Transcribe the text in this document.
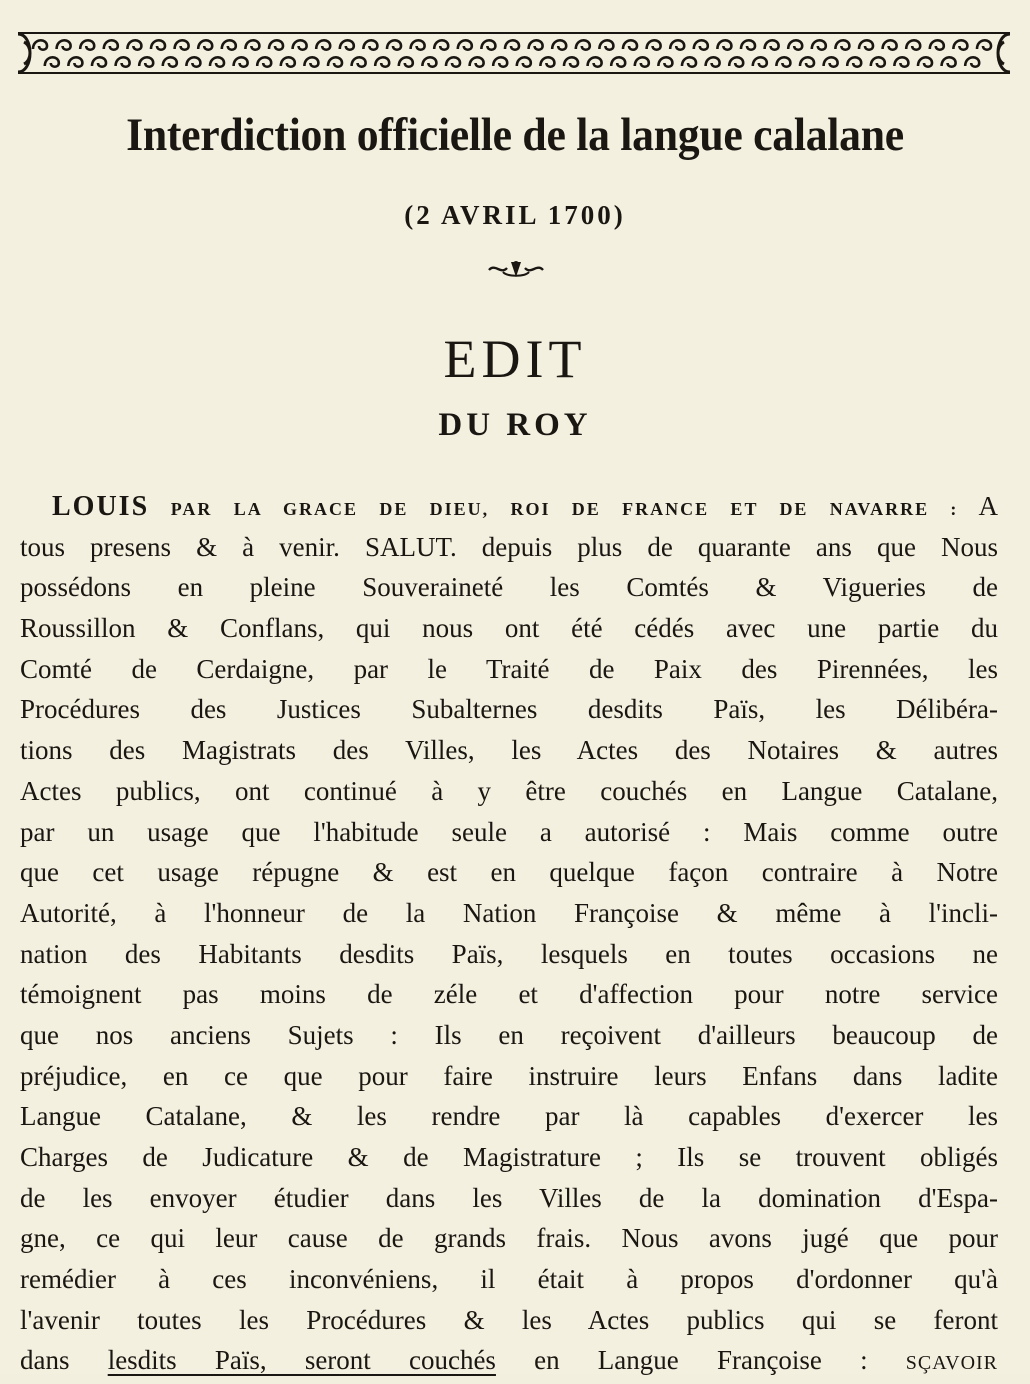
Interdiction officielle de la langue calalane
(2 AVRIL 1700)
EDIT
DU ROY
LOUIS PAR LA GRACE DE DIEU, ROI DE FRANCE ET DE NAVARRE : A
tous presens & à venir. SALUT. depuis plus de quarante ans que Nous
possédons en pleine Souveraineté les Comtés & Vigueries de
Roussillon & Conflans, qui nous ont été cédés avec une partie du
Comté de Cerdaigne, par le Traité de Paix des Pirennées, les
Procédures des Justices Subalternes desdits Païs, les Délibéra-
tions des Magistrats des Villes, les Actes des Notaires & autres
Actes publics, ont continué à y être couchés en Langue Catalane,
par un usage que l'habitude seule a autorisé : Mais comme outre
que cet usage répugne & est en quelque façon contraire à Notre
Autorité, à l'honneur de la Nation Françoise & même à l'incli-
nation des Habitants desdits Païs, lesquels en toutes occasions ne
témoignent pas moins de zéle et d'affection pour notre service
que nos anciens Sujets : Ils en reçoivent d'ailleurs beaucoup de
préjudice, en ce que pour faire instruire leurs Enfans dans ladite
Langue Catalane, & les rendre par là capables d'exercer les
Charges de Judicature & de Magistrature ; Ils se trouvent obligés
de les envoyer étudier dans les Villes de la domination d'Espa-
gne, ce qui leur cause de grands frais. Nous avons jugé que pour
remédier à ces inconvéniens, il était à propos d'ordonner qu'à
l'avenir toutes les Procédures & les Actes publics qui se feront
dans lesdits Païs, seront couchés en Langue Françoise : SÇAVOIR
